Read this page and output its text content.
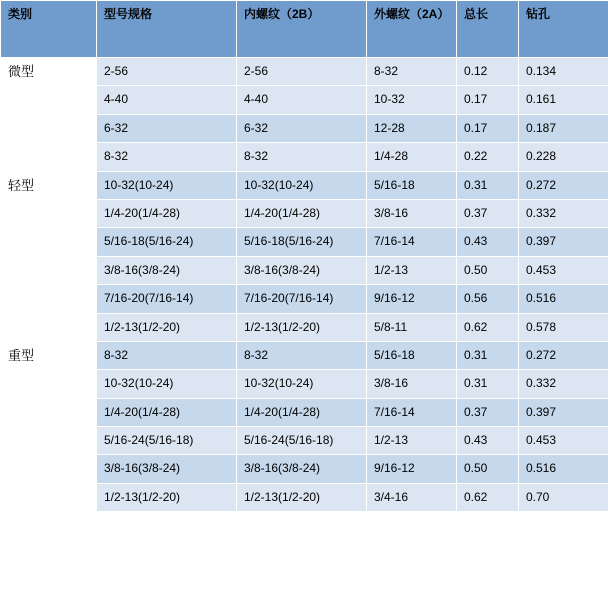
类别	型号规格	内螺纹（2B）	外螺纹（2A）	总长	钻孔
微型	2-56	2-56	8-32	0.12	0.134
	4-40	4-40	10-32	0.17	0.161
	6-32	6-32	12-28	0.17	0.187
	8-32	8-32	1/4-28	0.22	0.228
轻型	10-32(10-24)	10-32(10-24)	5/16-18	0.31	0.272
	1/4-20(1/4-28)	1/4-20(1/4-28)	3/8-16	0.37	0.332
	5/16-18(5/16-24)	5/16-18(5/16-24)	7/16-14	0.43	0.397
	3/8-16(3/8-24)	3/8-16(3/8-24)	1/2-13	0.50	0.453
	7/16-20(7/16-14)	7/16-20(7/16-14)	9/16-12	0.56	0.516
	1/2-13(1/2-20)	1/2-13(1/2-20)	5/8-11	0.62	0.578
重型	8-32	8-32	5/16-18	0.31	0.272
	10-32(10-24)	10-32(10-24)	3/8-16	0.31	0.332
	1/4-20(1/4-28)	1/4-20(1/4-28)	7/16-14	0.37	0.397
	5/16-24(5/16-18)	5/16-24(5/16-18)	1/2-13	0.43	0.453
	3/8-16(3/8-24)	3/8-16(3/8-24)	9/16-12	0.50	0.516
	1/2-13(1/2-20)	1/2-13(1/2-20)	3/4-16	0.62	0.70
